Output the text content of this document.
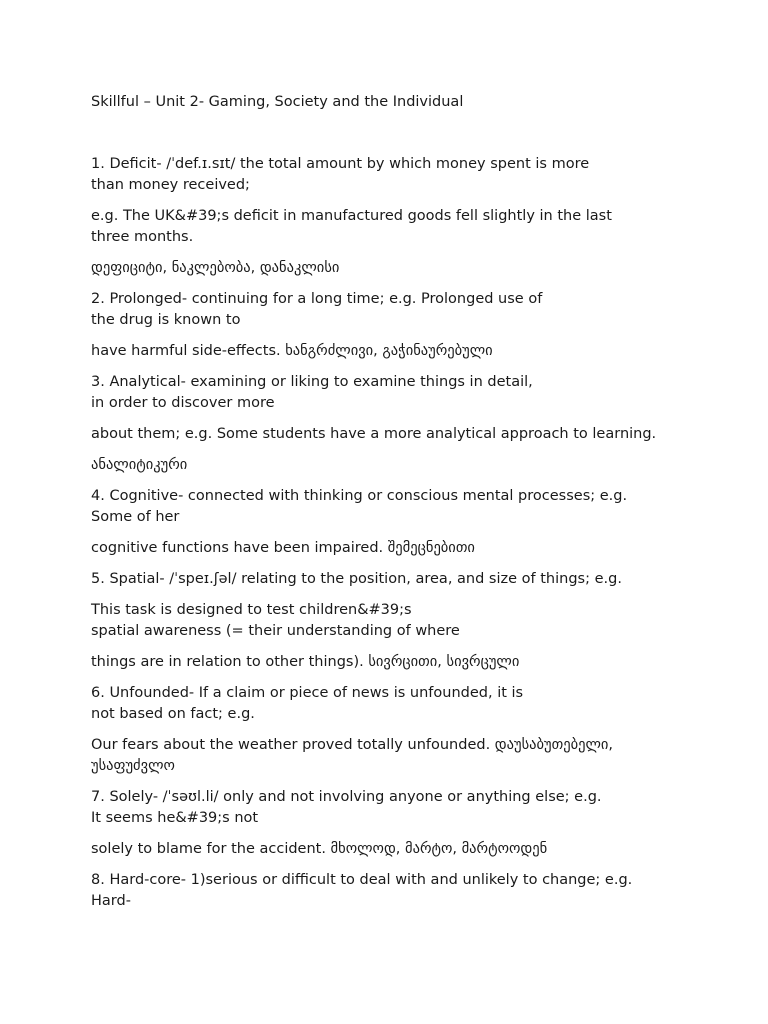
Skillful – Unit 2- Gaming, Society and the Individual

1. Deficit- /ˈdef.ɪ.sɪt/ the total amount by which money spent is more
than money received;

e.g. The UK&#39;s deficit in manufactured goods fell slightly in the last
three months.

დეფიციტი, ნაკლებობა, დანაკლისი

2. Prolonged- continuing for a long time; e.g. Prolonged use of
the drug is known to

have harmful side-effects. ხანგრძლივი, გაჭინაურებული

3. Analytical- examining or liking to examine things in detail,
in order to discover more

about them; e.g. Some students have a more analytical approach to learning.

ანალიტიკური

4. Cognitive- connected with thinking or conscious mental processes; e.g.
Some of her

cognitive functions have been impaired. შემეცნებითი

5. Spatial- /ˈspeɪ.ʃəl/ relating to the position, area, and size of things; e.g.

This task is designed to test children&#39;s
spatial awareness (= their understanding of where

things are in relation to other things). სივრცითი, სივრცული

6. Unfounded- If a claim or piece of news is unfounded, it is
not based on fact; e.g.

Our fears about the weather proved totally unfounded. დაუსაბუთებელი,
უსაფუძვლო

7. Solely- /ˈsəʊl.li/ only and not involving anyone or anything else; e.g.
It seems he&#39;s not

solely to blame for the accident. მხოლოდ, მარტო, მარტოოდენ

8. Hard-core- 1)serious or difficult to deal with and unlikely to change; e.g.
Hard-
